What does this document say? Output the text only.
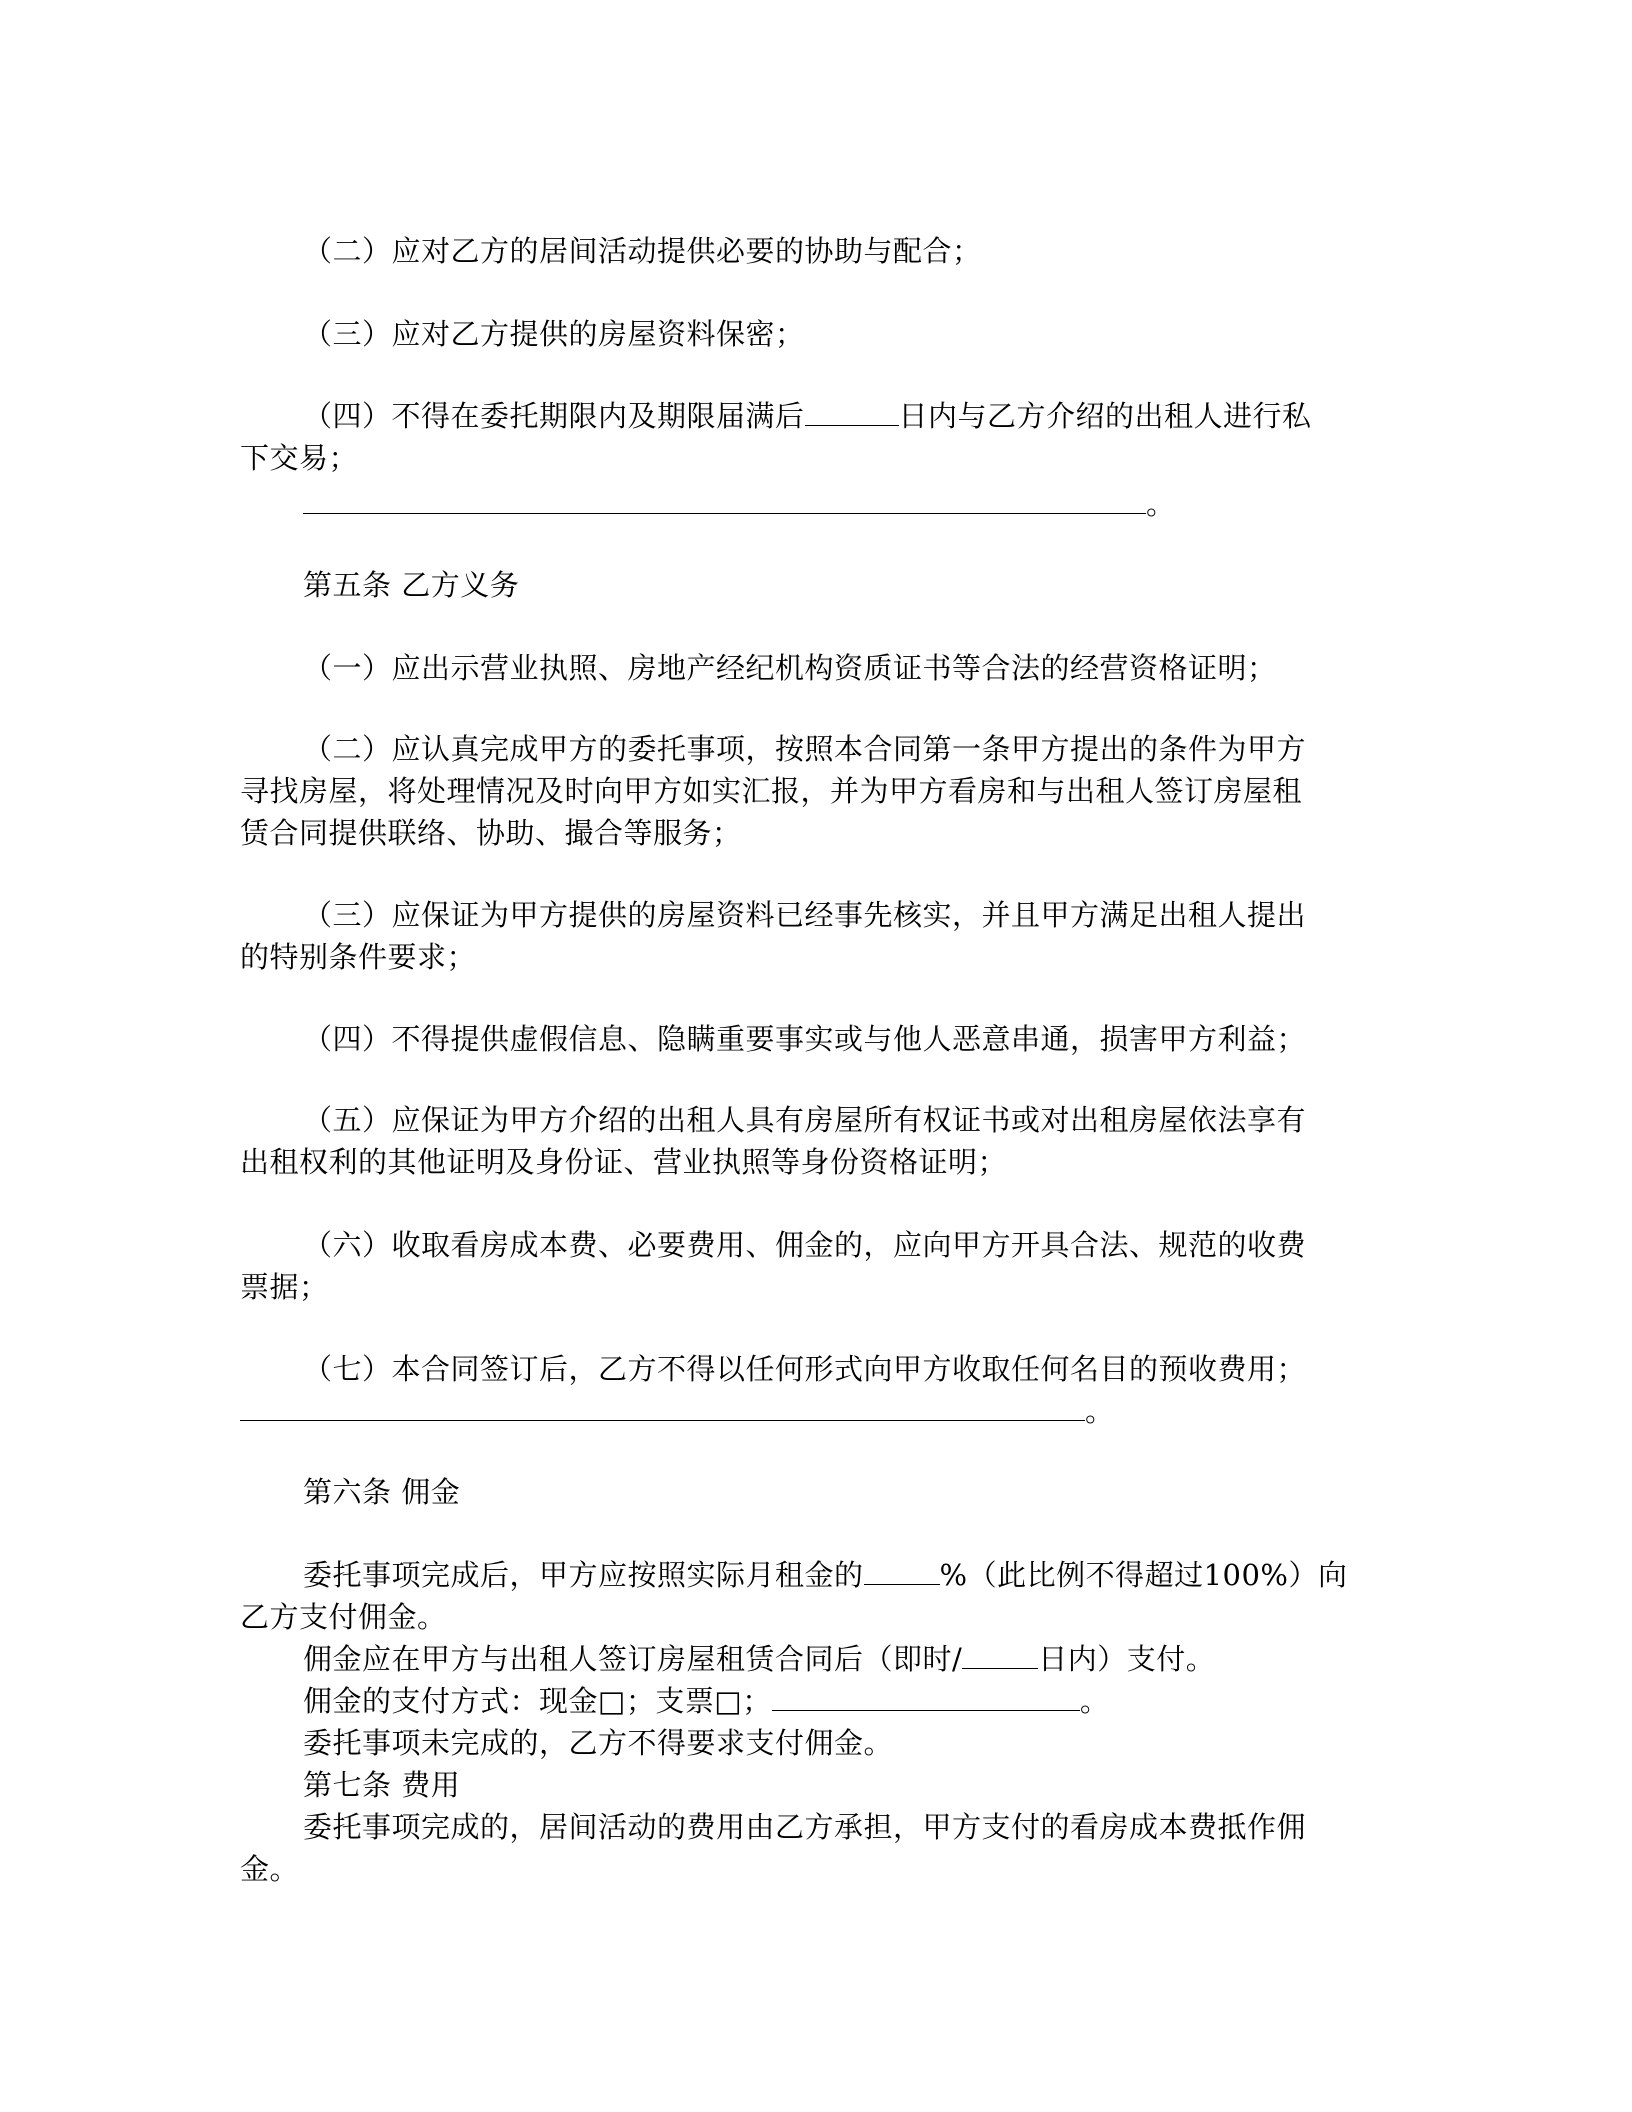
（二）应对乙方的居间活动提供必要的协助与配合；
（三）应对乙方提供的房屋资料保密；
（四）不得在委托期限内及期限届满后	日内与乙方介绍的出租人进行私
下交易；
。
第五条 乙方义务
（一）应出示营业执照、房地产经纪机构资质证书等合法的经营资格证明；
（二）应认真完成甲方的委托事项，按照本合同第一条甲方提出的条件为甲方
寻找房屋，将处理情况及时向甲方如实汇报，并为甲方看房和与出租人签订房屋租
赁合同提供联络、协助、撮合等服务；
（三）应保证为甲方提供的房屋资料已经事先核实，并且甲方满足出租人提出
的特别条件要求；
（四）不得提供虚假信息、隐瞒重要事实或与他人恶意串通，损害甲方利益；
（五）应保证为甲方介绍的出租人具有房屋所有权证书或对出租房屋依法享有
出租权利的其他证明及身份证、营业执照等身份资格证明；
（六）收取看房成本费、必要费用、佣金的，应向甲方开具合法、规范的收费
票据；
（七）本合同签订后，乙方不得以任何形式向甲方收取任何名目的预收费用；
。
第六条 佣金
委托事项完成后，甲方应按照实际月租金的	%（此比例不得超过100%）向
乙方支付佣金。
佣金应在甲方与出租人签订房屋租赁合同后（即时/	日内）支付。
佣金的支付方式：现金□；支票□；	。
委托事项未完成的，乙方不得要求支付佣金。
第七条 费用
委托事项完成的，居间活动的费用由乙方承担，甲方支付的看房成本费抵作佣
金。
